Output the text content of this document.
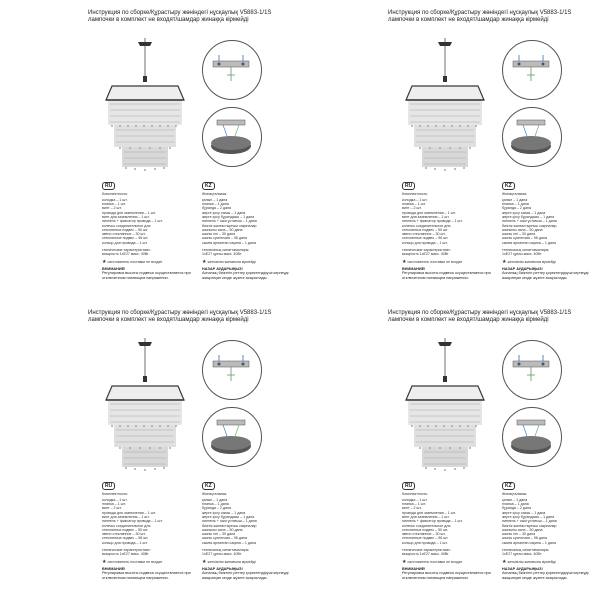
Инструкция по сборке/Құрастыру жөніндегі нұсқаулық V5883-1/1S
лампочки в комплект не входят/шамдар жинаққа кірмейді
RU	KZ
Комплектность:
колодка – 1 шт.
планка – 1 шт.
винт – 2 шт.
провода для заземления – 1 шт.
винт для заземления – 1 шт.
ниппель + фиксатор провода – 1 шт.
колечко соединительное для
стеклянных подвес – 50 шт.
звено стеклянное – 30 шт.
стеклянные подвес – 96 шт.
кольцо для провода – 1 шт.
технические характеристики:
мощность 1xE27 макс. 40Вт
★ изготовитель поставки не входит
Жинақталымы:
қалып – 1 дана
планка – 1 дана
бұранда – 2 дана
жерге қосу сымы – 1 дана
жерге қосу бұрандасы – 1 дана
ниппель + сым ұстағыш – 1 дана
биіктік жалғастырғыш сақиналар
шынылы аспа – 50 дана
шыны ілгі – 30 дана
шыны суспензия – 96 дана
сымға арналған сақина – 1 дана
техникалық сипаттамалары:
1xE27 қуаты макс. 40Вт
★ жеткізілім жинағына кірмейді
ВНИМАНИЕ!
Регулировка высоты подвеса осуществляется при отключенном питающем напряжении.
НАЗАР АУДАРЫҢЫЗ!
Аспаның биіктігін реттеу қоректендіруші кернеуді ажыратқан кезде жүзеге асырылады.
Инструкция по сборке/Құрастыру жөніндегі нұсқаулық V5883-1/1S
лампочки в комплект не входят/шамдар жинаққа кірмейді
RU	KZ
Комплектность:
колодка – 1 шт.
планка – 1 шт.
винт – 2 шт.
провода для заземления – 1 шт.
винт для заземления – 1 шт.
ниппель + фиксатор провода – 1 шт.
колечко соединительное для
стеклянных подвес – 50 шт.
звено стеклянное – 30 шт.
стеклянные подвес – 96 шт.
кольцо для провода – 1 шт.
технические характеристики:
мощность 1xE27 макс. 40Вт
★ изготовитель поставки не входит
Жинақталымы:
қалып – 1 дана
планка – 1 дана
бұранда – 2 дана
жерге қосу сымы – 1 дана
жерге қосу бұрандасы – 1 дана
ниппель + сым ұстағыш – 1 дана
биіктік жалғастырғыш сақиналар
шынылы аспа – 50 дана
шыны ілгі – 30 дана
шыны суспензия – 96 дана
сымға арналған сақина – 1 дана
техникалық сипаттамалары:
1xE27 қуаты макс. 40Вт
★ жеткізілім жинағына кірмейді
ВНИМАНИЕ!
Регулировка высоты подвеса осуществляется при отключенном питающем напряжении.
НАЗАР АУДАРЫҢЫЗ!
Аспаның биіктігін реттеу қоректендіруші кернеуді ажыратқан кезде жүзеге асырылады.
Инструкция по сборке/Құрастыру жөніндегі нұсқаулық V5883-1/1S
лампочки в комплект не входят/шамдар жинаққа кірмейді
RU	KZ
Комплектность:
колодка – 1 шт.
планка – 1 шт.
винт – 2 шт.
провода для заземления – 1 шт.
винт для заземления – 1 шт.
ниппель + фиксатор провода – 1 шт.
колечко соединительное для
стеклянных подвес – 50 шт.
звено стеклянное – 30 шт.
стеклянные подвес – 96 шт.
кольцо для провода – 1 шт.
технические характеристики:
мощность 1xE27 макс. 40Вт
★ изготовитель поставки не входит
Жинақталымы:
қалып – 1 дана
планка – 1 дана
бұранда – 2 дана
жерге қосу сымы – 1 дана
жерге қосу бұрандасы – 1 дана
ниппель + сым ұстағыш – 1 дана
биіктік жалғастырғыш сақиналар
шынылы аспа – 50 дана
шыны ілгі – 30 дана
шыны суспензия – 96 дана
сымға арналған сақина – 1 дана
техникалық сипаттамалары:
1xE27 қуаты макс. 40Вт
★ жеткізілім жинағына кірмейді
ВНИМАНИЕ!
Регулировка высоты подвеса осуществляется при отключенном питающем напряжении.
НАЗАР АУДАРЫҢЫЗ!
Аспаның биіктігін реттеу қоректендіруші кернеуді ажыратқан кезде жүзеге асырылады.
Инструкция по сборке/Құрастыру жөніндегі нұсқаулық V5883-1/1S
лампочки в комплект не входят/шамдар жинаққа кірмейді
RU	KZ
Комплектность:
колодка – 1 шт.
планка – 1 шт.
винт – 2 шт.
провода для заземления – 1 шт.
винт для заземления – 1 шт.
ниппель + фиксатор провода – 1 шт.
колечко соединительное для
стеклянных подвес – 50 шт.
звено стеклянное – 30 шт.
стеклянные подвес – 96 шт.
кольцо для провода – 1 шт.
технические характеристики:
мощность 1xE27 макс. 40Вт
★ изготовитель поставки не входит
Жинақталымы:
қалып – 1 дана
планка – 1 дана
бұранда – 2 дана
жерге қосу сымы – 1 дана
жерге қосу бұрандасы – 1 дана
ниппель + сым ұстағыш – 1 дана
биіктік жалғастырғыш сақиналар
шынылы аспа – 50 дана
шыны ілгі – 30 дана
шыны суспензия – 96 дана
сымға арналған сақина – 1 дана
техникалық сипаттамалары:
1xE27 қуаты макс. 40Вт
★ жеткізілім жинағына кірмейді
ВНИМАНИЕ!
Регулировка высоты подвеса осуществляется при отключенном питающем напряжении.
НАЗАР АУДАРЫҢЫЗ!
Аспаның биіктігін реттеу қоректендіруші кернеуді ажыратқан кезде жүзеге асырылады.
